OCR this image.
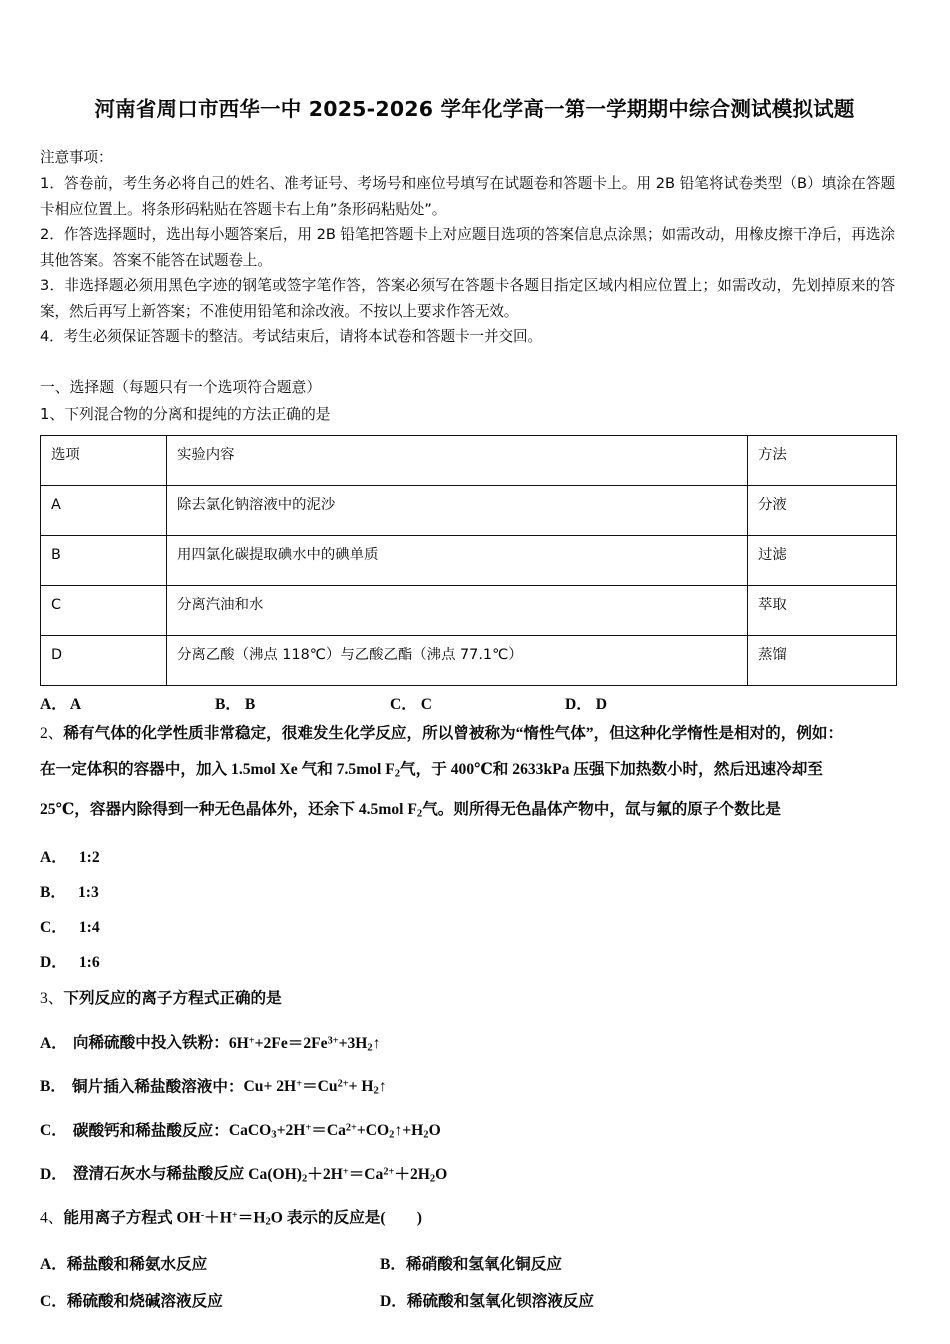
河南省周口市西华一中 2025-2026 学年化学高一第一学期期中综合测试模拟试题

注意事项：

1．答卷前，考生务必将自己的姓名、准考证号、考场号和座位号填写在试题卷和答题卡上。用 2B 铅笔将试卷类型（B）填涂在答题卡相应位置上。将条形码粘贴在答题卡右上角”条形码粘贴处”。

2．作答选择题时，选出每小题答案后，用 2B 铅笔把答题卡上对应题目选项的答案信息点涂黑；如需改动，用橡皮擦干净后，再选涂其他答案。答案不能答在试题卷上。

3．非选择题必须用黑色字迹的钢笔或签字笔作答，答案必须写在答题卡各题目指定区域内相应位置上；如需改动，先划掉原来的答案，然后再写上新答案；不准使用铅笔和涂改液。不按以上要求作答无效。

4．考生必须保证答题卡的整洁。考试结束后，请将本试卷和答题卡一并交回。

一、选择题（每题只有一个选项符合题意）

1、下列混合物的分离和提纯的方法正确的是

选项	实验内容	方法
A	除去氯化钠溶液中的泥沙	分液
B	用四氯化碳提取碘水中的碘单质	过滤
C	分离汽油和水	萃取
D	分离乙酸（沸点 118℃）与乙酸乙酯（沸点 77.1℃）	蒸馏
A． A	B． B	C． C	D． D

2、稀有气体的化学性质非常稳定，很难发生化学反应，所以曾被称为“惰性气体”，但这种化学惰性是相对的，例如：

在一定体积的容器中，加入 1.5mol Xe 气和 7.5mol $F_2$气，于 400℃和 2633kPa 压强下加热数小时，然后迅速冷却至

25℃，容器内除得到一种无色晶体外，还余下 4.5mol $F_2$气。则所得无色晶体产物中，氙与氟的原子个数比是

A． 1:2

B． 1:3

C． 1:4

D． 1:6

3、下列反应的离子方程式正确的是

A． 向稀硫酸中投入铁粉：$6H^++2Fe=2Fe^{3+}+3H_2↑$

B． 铜片插入稀盐酸溶液中：$Cu+ 2H^+=Cu^{2+}+$ $H_2↑$

C． 碳酸钙和稀盐酸反应：$CaCO_3+2H^+=Ca^{2+}+CO_2↑+H_2O$

D． 澄清石灰水与稀盐酸反应 $Ca(OH)_2+2H^+=Ca^{2+}+2H_2O$

4、能用离子方程式 $OH^-+H^+=H_2O$ 表示的反应是(　　)

A．稀盐酸和稀氨水反应	B．稀硝酸和氢氧化铜反应
C．稀硫酸和烧碱溶液反应	D．稀硫酸和氢氧化钡溶液反应
